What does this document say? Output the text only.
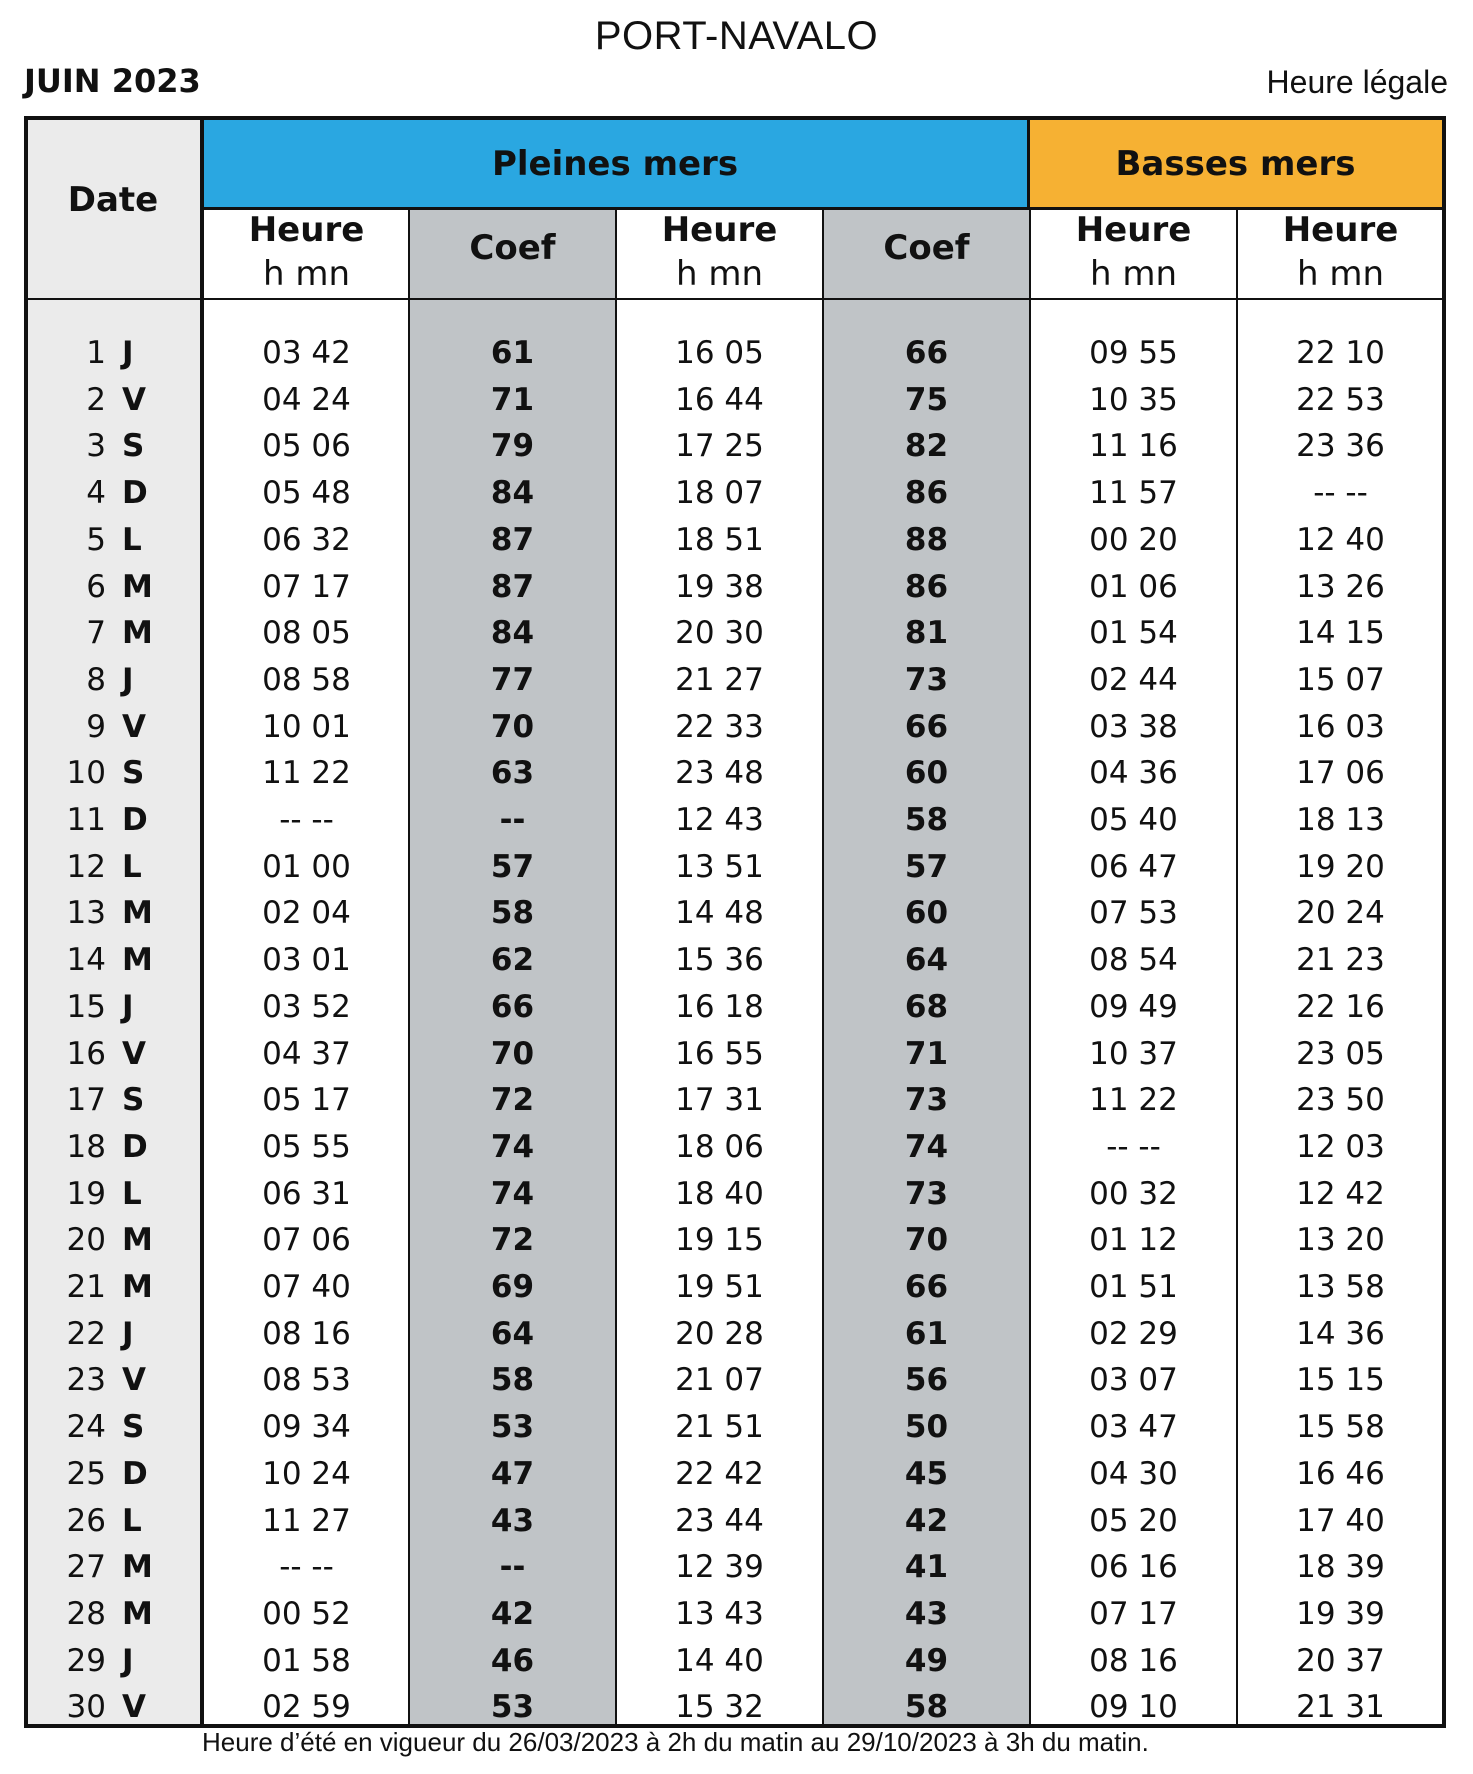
PORT-NAVALO
JUIN 2023	Heure légale
Pleines mers	Basses mers
Date
Heure
h mn
Coef	Heure
h mn
Coef	Heure
h mn
Heure
h mn
1 J	03 42	61	16 05	66	09 55	22 10
2 V	04 24	71	16 44	75	10 35	22 53
3 S	05 06	79	17 25	82	11 16	23 36
4 D	05 48	84	18 07	86	11 57	-- --
5 L	06 32	87	18 51	88	00 20	12 40
6 M	07 17	87	19 38	86	01 06	13 26
7 M	08 05	84	20 30	81	01 54	14 15
8 J	08 58	77	21 27	73	02 44	15 07
9 V	10 01	70	22 33	66	03 38	16 03
10 S	11 22	63	23 48	60	04 36	17 06
11 D	-- --	--	12 43	58	05 40	18 13
12 L	01 00	57	13 51	57	06 47	19 20
13 M	02 04	58	14 48	60	07 53	20 24
14 M	03 01	62	15 36	64	08 54	21 23
15 J	03 52	66	16 18	68	09 49	22 16
16 V	04 37	70	16 55	71	10 37	23 05
17 S	05 17	72	17 31	73	11 22	23 50
18 D	05 55	74	18 06	74	-- --	12 03
19 L	06 31	74	18 40	73	00 32	12 42
20 M	07 06	72	19 15	70	01 12	13 20
21 M	07 40	69	19 51	66	01 51	13 58
22 J	08 16	64	20 28	61	02 29	14 36
23 V	08 53	58	21 07	56	03 07	15 15
24 S	09 34	53	21 51	50	03 47	15 58
25 D	10 24	47	22 42	45	04 30	16 46
26 L	11 27	43	23 44	42	05 20	17 40
27 M	-- --	--	12 39	41	06 16	18 39
28 M	00 52	42	13 43	43	07 17	19 39
29 J	01 58	46	14 40	49	08 16	20 37
30 V	02 59	53	15 32	58	09 10	21 31
Heure d’été en vigueur du 26/03/2023 à 2h du matin au 29/10/2023 à 3h du matin.
